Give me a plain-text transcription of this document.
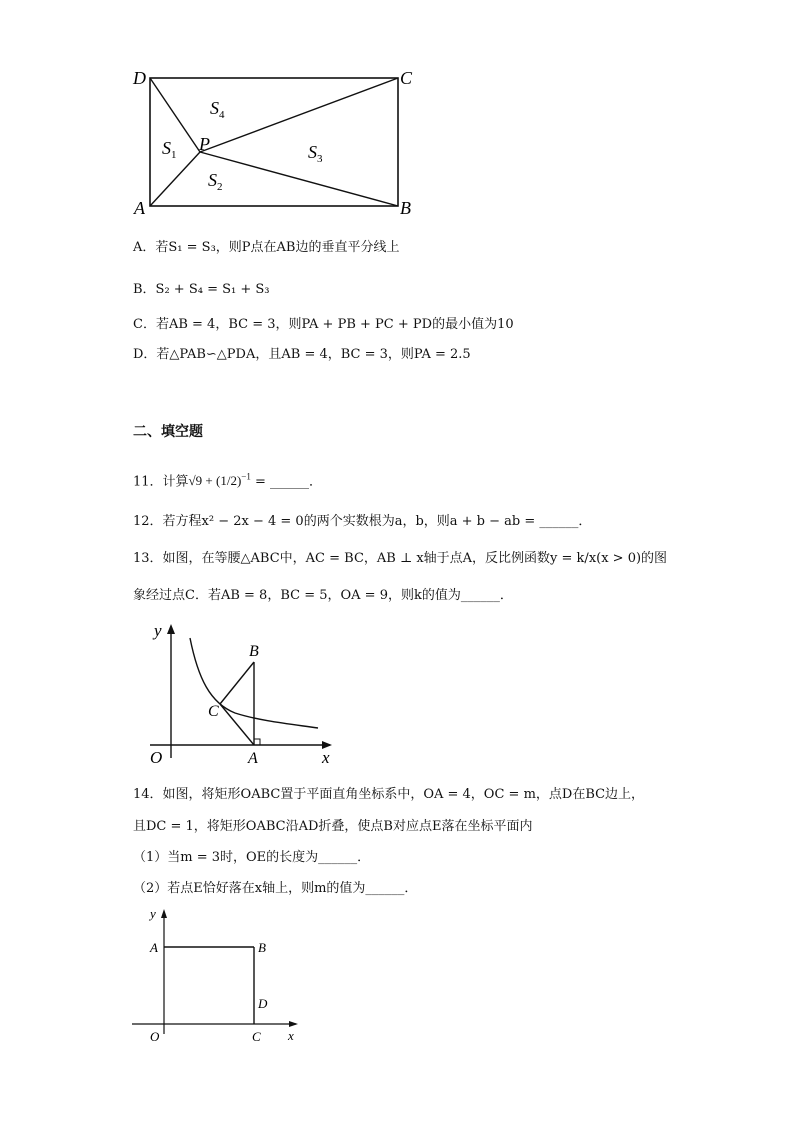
D	C
A	B
P
$S_4$
$S_1$
$S_2$
$S_3$
A．若S₁ = S₃，则P点在AB边的垂直平分线上
B．S₂ + S₄ = S₁ + S₃
C．若AB = 4，BC = 3，则PA + PB + PC + PD的最小值为10
D．若△PAB∽△PDA，且AB = 4，BC = 3，则PA = 2.5
二、填空题
11．计算$√9 + (1/2)^{-1}$ = ______．
12．若方程x² − 2x − 4 = 0的两个实数根为a，b，则a + b − ab = ______．
13．如图，在等腰△ABC中，AC = BC，AB ⊥ x轴于点A，反比例函数y = k/x(x > 0)的图
象经过点C．若AB = 8，BC = 5，OA = 9，则k的值为______．
y
x
O	A
B
C
14．如图，将矩形OABC置于平面直角坐标系中，OA = 4，OC = m，点D在BC边上，
且DC = 1，将矩形OABC沿AD折叠，使点B对应点E落在坐标平面内
（1）当m = 3时，OE的长度为______．
（2）若点E恰好落在x轴上，则m的值为______．
y
x
O
A	B
D
C
